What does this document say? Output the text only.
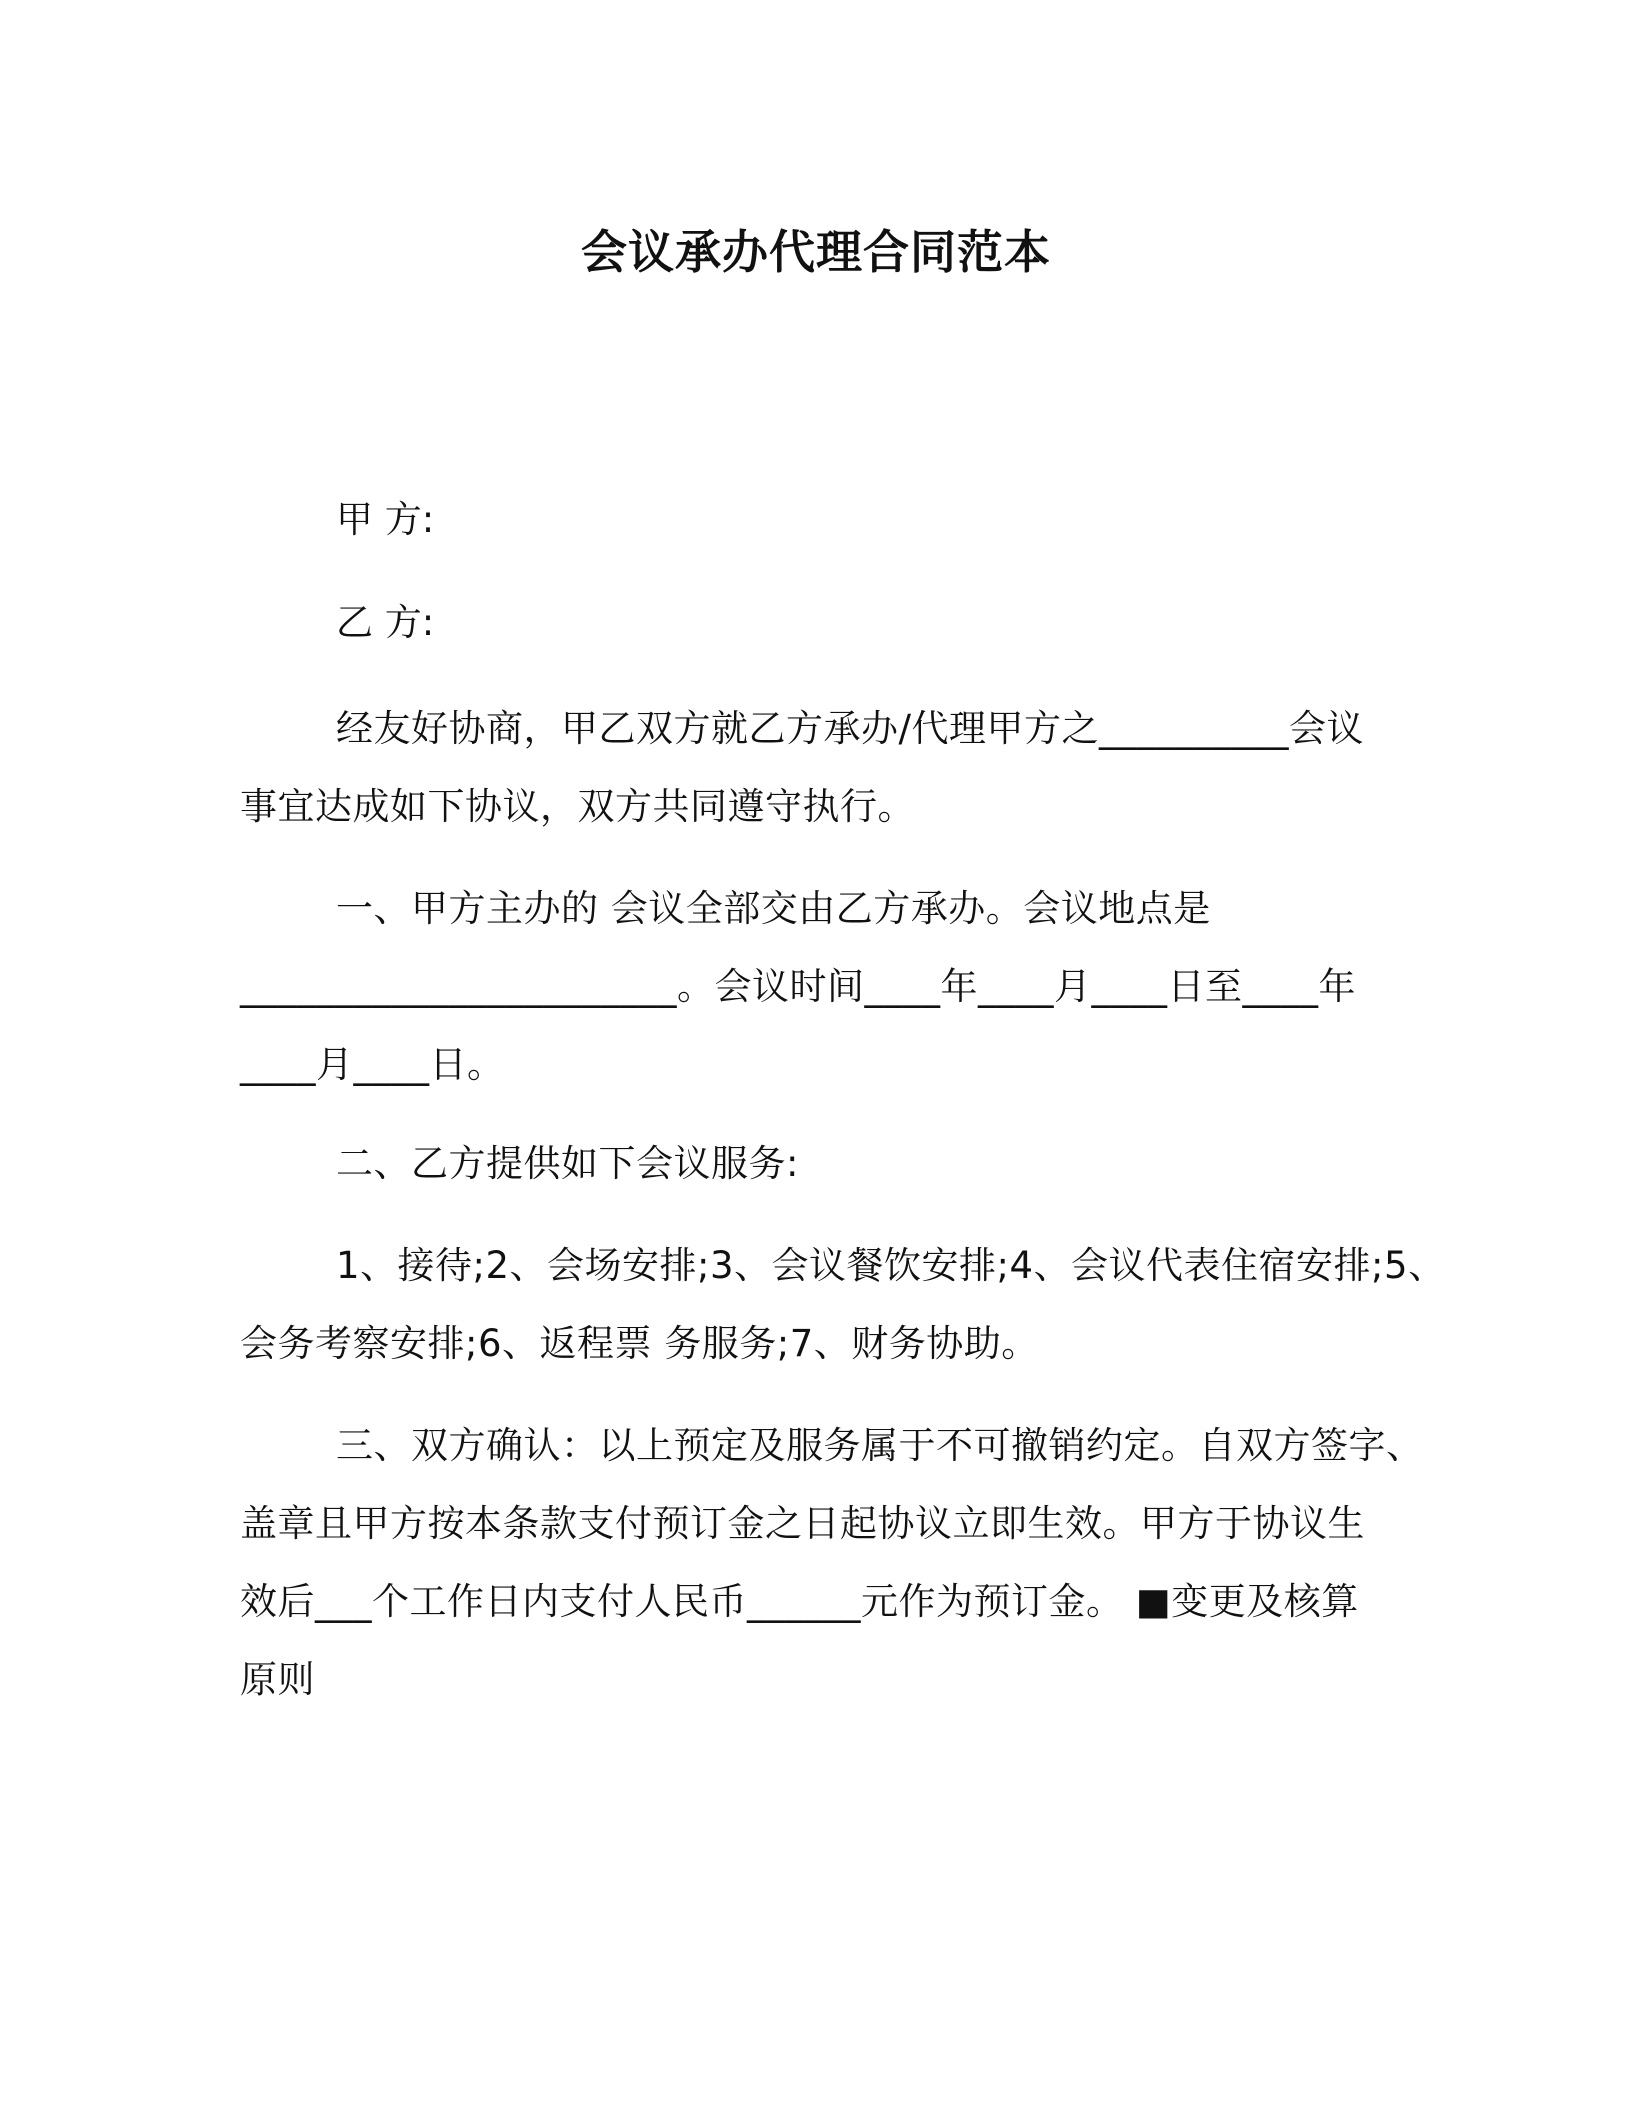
会议承办代理合同范本
甲 方:
乙 方:
经友好协商，甲乙双方就乙方承办/代理甲方之__________会议
事宜达成如下协议，双方共同遵守执行。
一、甲方主办的 会议全部交由乙方承办。会议地点是
_______________________。会议时间____年____月____日至____年
____月____日。
二、乙方提供如下会议服务:
1、接待;2、会场安排;3、会议餐饮安排;4、会议代表住宿安排;5、
会务考察安排;6、返程票 务服务;7、财务协助。
三、双方确认：以上预定及服务属于不可撤销约定。自双方签字、
盖章且甲方按本条款支付预订金之日起协议立即生效。甲方于协议生
效后___个工作日内支付人民币______元作为预订金。 ■变更及核算
原则
